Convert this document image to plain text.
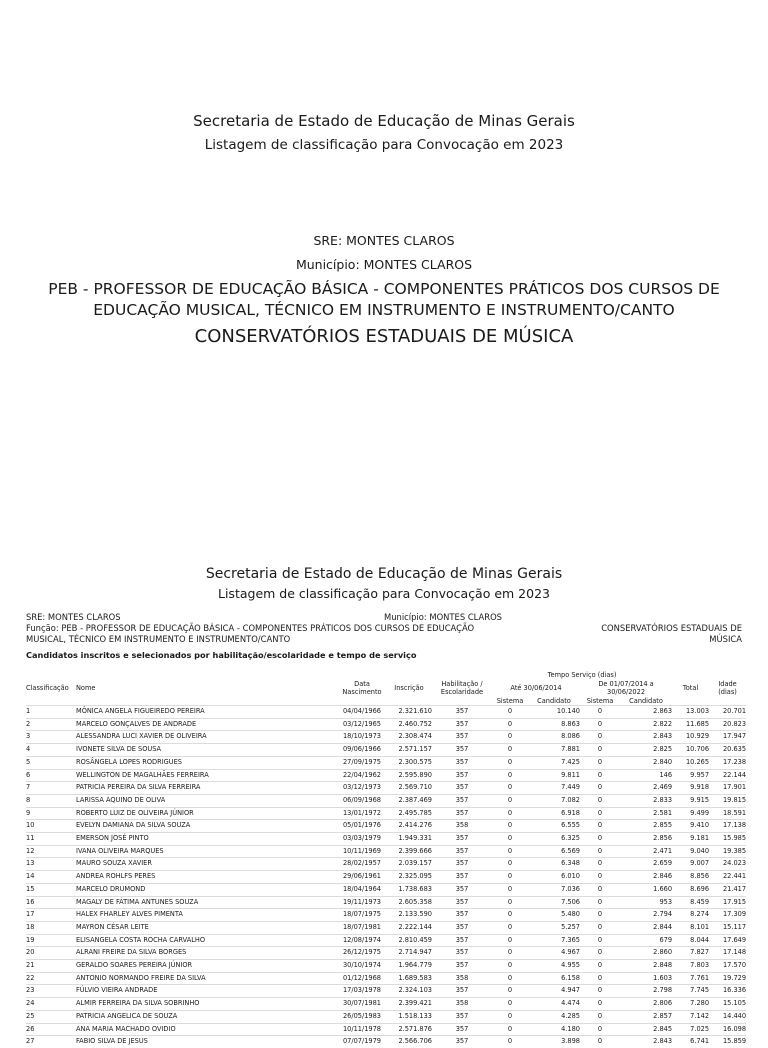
Secretaria de Estado de Educação de Minas Gerais
Listagem de classificação para Convocação em 2023
SRE: MONTES CLAROS
Município: MONTES CLAROS
PEB - PROFESSOR DE EDUCAÇÃO BÁSICA - COMPONENTES PRÁTICOS DOS CURSOS DE EDUCAÇÃO MUSICAL, TÉCNICO EM INSTRUMENTO E INSTRUMENTO/CANTO
CONSERVATÓRIOS ESTADUAIS DE MÚSICA
Secretaria de Estado de Educação de Minas Gerais
Listagem de classificação para Convocação em 2023
SRE: MONTES CLAROS	Município: MONTES CLAROS
Função: PEB - PROFESSOR DE EDUCAÇÃO BÁSICA - COMPONENTES PRÁTICOS DOS CURSOS DE EDUCAÇÃO MUSICAL, TÉCNICO EM INSTRUMENTO E INSTRUMENTO/CANTO
CONSERVATÓRIOS ESTADUAIS DE MÚSICA
Candidatos inscritos e selecionados por habilitação/escolaridade e tempo de serviço
Classificação	Nome	Data Nascimento	Inscrição	Habilitação / Escolaridade	Tempo Serviço (dias)				Total	Idade (dias)
					Até 30/06/2014		De 01/07/2014 a 30/06/2022			
					Sistema	Candidato	Sistema	Candidato		
1	MÔNICA ANGELA FIGUEIREDO PEREIRA	04/04/1966	2.321.610	357	0	10.140	0	2.863	13.003	20.701
2	MARCELO GONÇALVES DE ANDRADE	03/12/1965	2.460.752	357	0	8.863	0	2.822	11.685	20.823
3	ALESSANDRA LUCI XAVIER DE OLIVEIRA	18/10/1973	2.308.474	357	0	8.086	0	2.843	10.929	17.947
4	IVONETE SILVA DE SOUSA	09/06/1966	2.571.157	357	0	7.881	0	2.825	10.706	20.635
5	ROSÂNGELA LOPES RODRIGUES	27/09/1975	2.300.575	357	0	7.425	0	2.840	10.265	17.238
6	WELLINGTON DE MAGALHÃES FERREIRA	22/04/1962	2.595.890	357	0	9.811	0	146	9.957	22.144
7	PATRICIA PEREIRA DA SILVA FERREIRA	03/12/1973	2.569.710	357	0	7.449	0	2.469	9.918	17.901
8	LARISSA AQUINO DE OLIVA	06/09/1968	2.387.469	357	0	7.082	0	2.833	9.915	19.815
9	ROBERTO LUIZ DE OLIVEIRA JÚNIOR	13/01/1972	2.495.785	357	0	6.918	0	2.581	9.499	18.591
10	EVELYN DAMIANA DA SILVA SOUZA	05/01/1976	2.414.276	358	0	6.555	0	2.855	9.410	17.138
11	EMERSON JOSÉ PINTO	03/03/1979	1.949.331	357	0	6.325	0	2.856	9.181	15.985
12	IVANA OLIVEIRA MARQUES	10/11/1969	2.399.666	357	0	6.569	0	2.471	9.040	19.385
13	MAURO SOUZA XAVIER	28/02/1957	2.039.157	357	0	6.348	0	2.659	9.007	24.023
14	ANDREA ROHLFS PERES	29/06/1961	2.325.095	357	0	6.010	0	2.846	8.856	22.441
15	MARCELO DRUMOND	18/04/1964	1.738.683	357	0	7.036	0	1.660	8.696	21.417
16	MAGALY DE FÁTIMA ANTUNES SOUZA	19/11/1973	2.605.358	357	0	7.506	0	953	8.459	17.915
17	HALEX FHARLEY ALVES PIMENTA	18/07/1975	2.133.590	357	0	5.480	0	2.794	8.274	17.309
18	MAYRON CÉSAR LEITE	18/07/1981	2.222.144	357	0	5.257	0	2.844	8.101	15.117
19	ELISANGELA COSTA ROCHA CARVALHO	12/08/1974	2.810.459	357	0	7.365	0	679	8.044	17.649
20	ALRANI FREIRE DA SILVA BORGES	26/12/1975	2.714.947	357	0	4.967	0	2.860	7.827	17.148
21	GERALDO SOARES PEREIRA JÚNIOR	30/10/1974	1.964.779	357	0	4.955	0	2.848	7.803	17.570
22	ANTONIO NORMANDO FREIRE DA SILVA	01/12/1968	1.689.583	358	0	6.158	0	1.603	7.761	19.729
23	FÚLVIO VIEIRA ANDRADE	17/03/1978	2.324.103	357	0	4.947	0	2.798	7.745	16.336
24	ALMIR FERREIRA DA SILVA SOBRINHO	30/07/1981	2.399.421	358	0	4.474	0	2.806	7.280	15.105
25	PATRICIA ANGELICA DE SOUZA	26/05/1983	1.518.133	357	0	4.285	0	2.857	7.142	14.440
26	ANA MARIA MACHADO OVIDIO	10/11/1978	2.571.876	357	0	4.180	0	2.845	7.025	16.098
27	FABIO SILVA DE JESUS	07/07/1979	2.566.706	357	0	3.898	0	2.843	6.741	15.859
